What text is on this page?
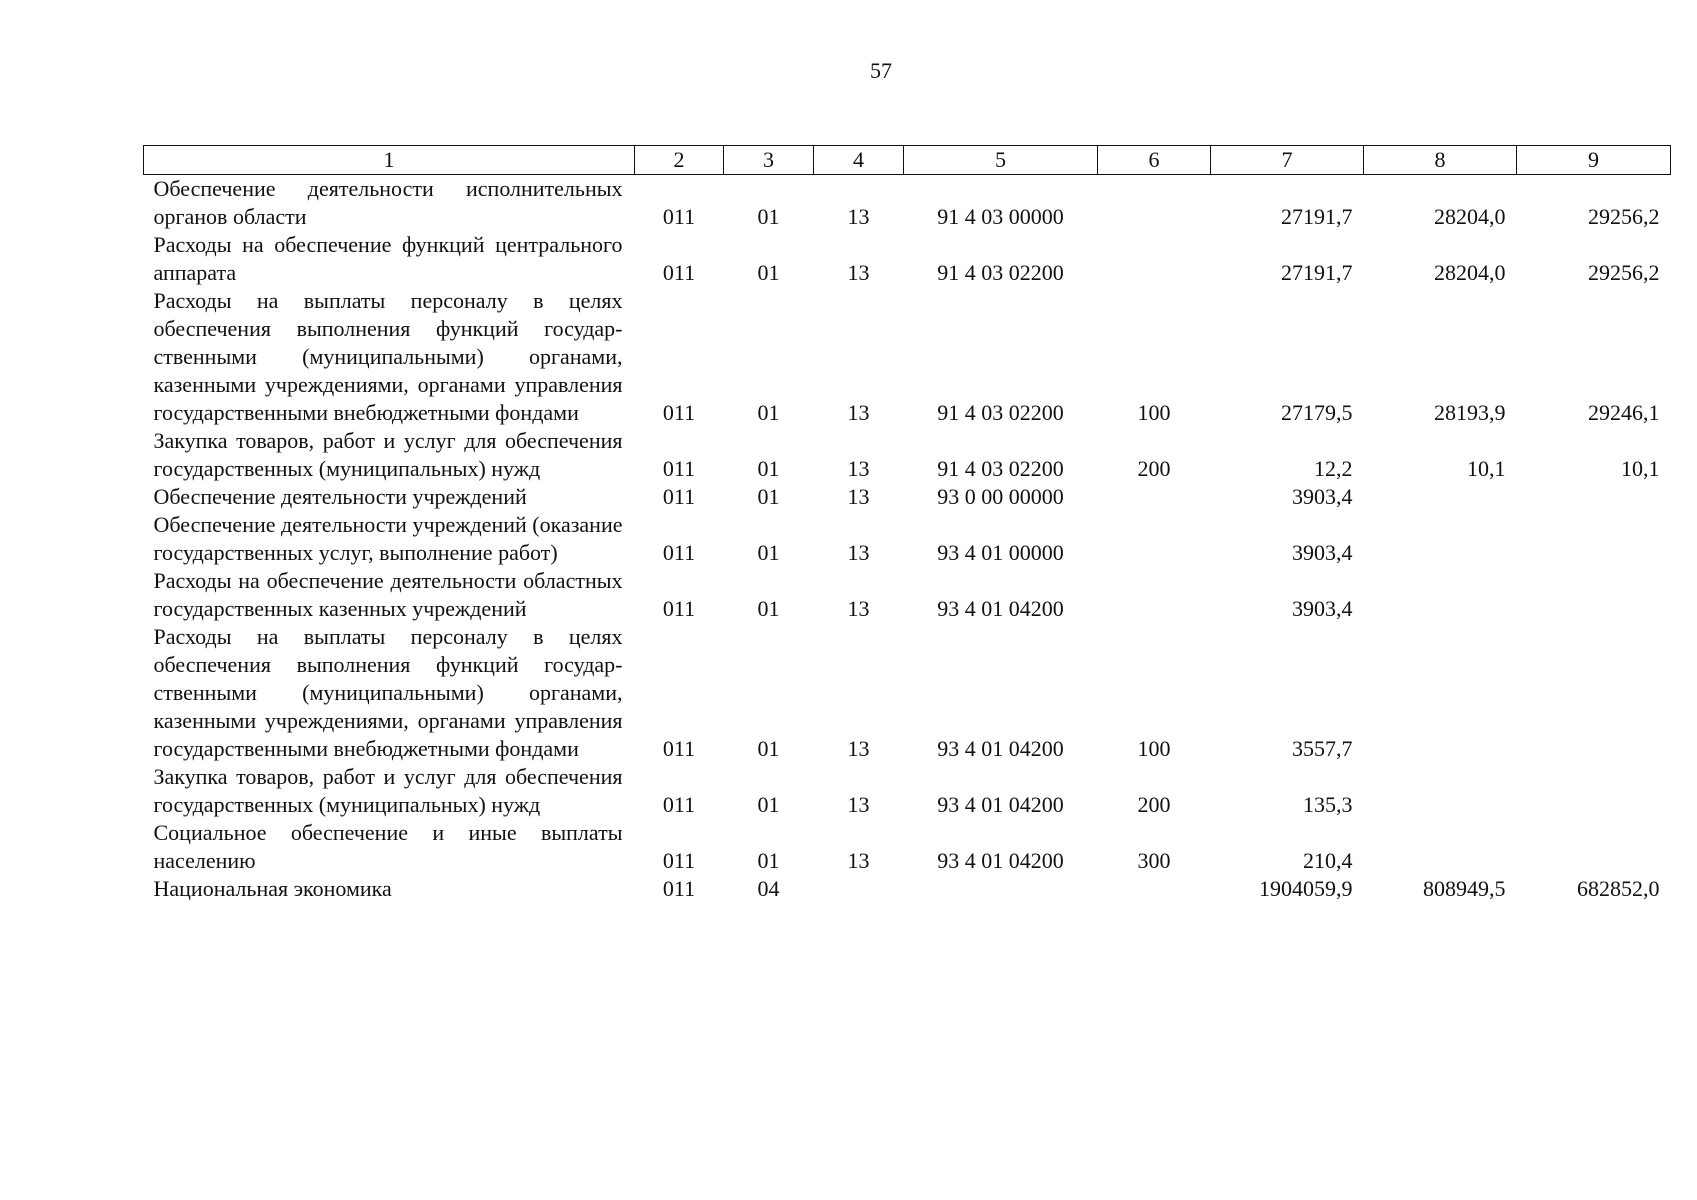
57
1	2	3	4	5	6	7	8	9
Обеспечение деятельности исполнительных органов области	011	01	13	91 4 03 00000		27191,7	28204,0	29256,2
Расходы на обеспечение функций центрального аппарата	011	01	13	91 4 03 02200		27191,7	28204,0	29256,2
Расходы на выплаты персоналу в целях обеспечения выполнения функций государственными (муниципальными) органами, казенными учреждениями, органами управления государственными внебюджетными фондами	011	01	13	91 4 03 02200	100	27179,5	28193,9	29246,1
Закупка товаров, работ и услуг для обеспечения государственных (муниципальных) нужд	011	01	13	91 4 03 02200	200	12,2	10,1	10,1
Обеспечение деятельности учреждений	011	01	13	93 0 00 00000		3903,4		
Обеспечение деятельности учреждений (оказание государственных услуг, выполнение работ)	011	01	13	93 4 01 00000		3903,4		
Расходы на обеспечение деятельности областных государственных казенных учреждений	011	01	13	93 4 01 04200		3903,4		
Расходы на выплаты персоналу в целях обеспечения выполнения функций государственными (муниципальными) органами, казенными учреждениями, органами управления государственными внебюджетными фондами	011	01	13	93 4 01 04200	100	3557,7		
Закупка товаров, работ и услуг для обеспечения государственных (муниципальных) нужд	011	01	13	93 4 01 04200	200	135,3		
Социальное обеспечение и иные выплаты населению	011	01	13	93 4 01 04200	300	210,4		
Национальная экономика	011	04				1904059,9	808949,5	682852,0
